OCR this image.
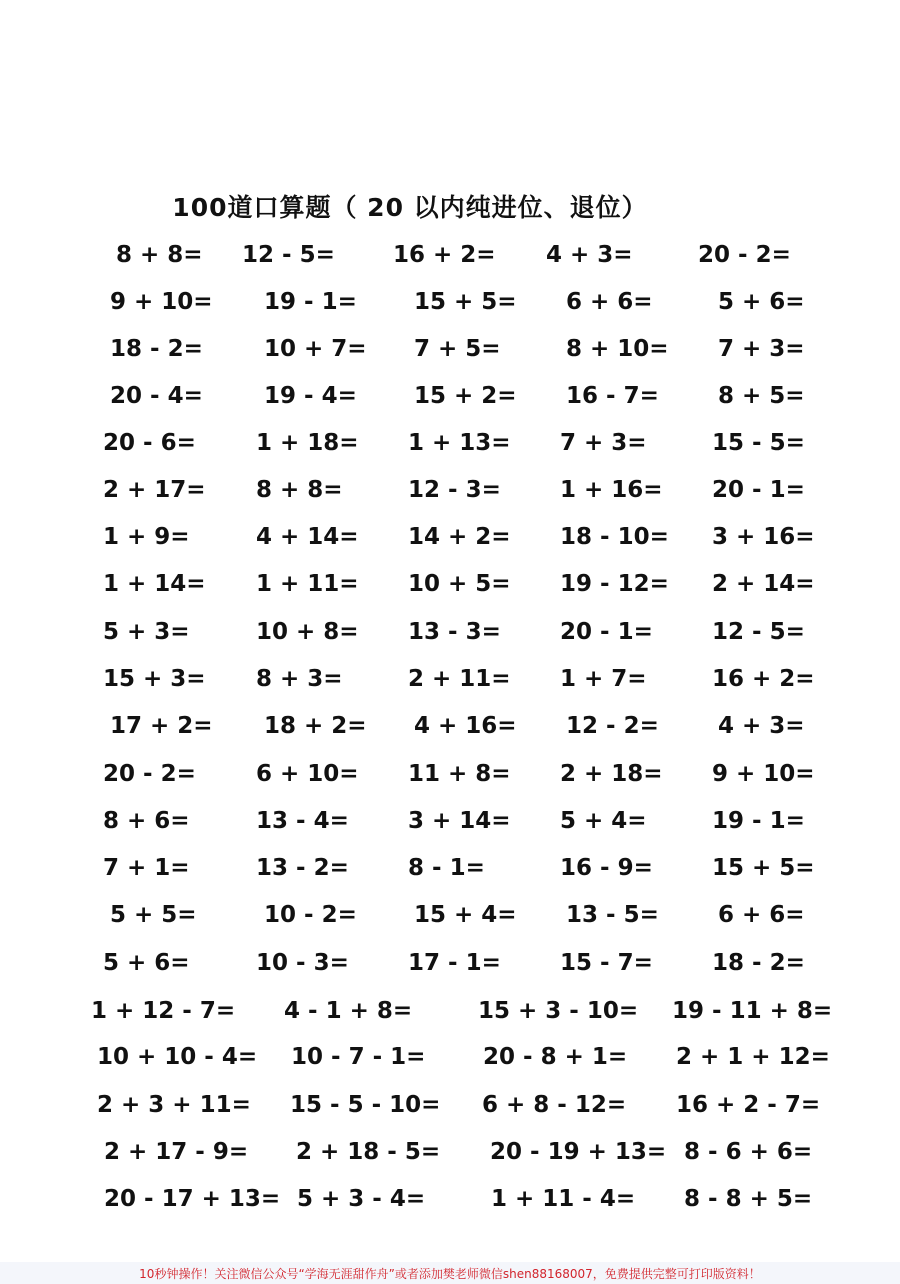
100道口算题（ 20 以内纯进位、退位）
8 + 8= 12 - 5=	16 + 2= 4 + 3=	20 - 2=
9 + 10= 19 - 1= 15 + 5= 6 + 6=	5 + 6=
18 - 2=	10 + 7= 7 + 5=	8 + 10= 7 + 3=
20 - 4=	19 - 4= 15 + 2= 16 - 7=	8 + 5=
20 - 6=	1 + 18= 1 + 13= 7 + 3=	15 - 5=
2 + 17= 8 + 8=	12 - 3=	1 + 16= 20 - 1=
1 + 9=	4 + 14= 14 + 2= 18 - 10= 3 + 16=
1 + 14= 1 + 11= 10 + 5= 19 - 12= 2 + 14=
5 + 3=	10 + 8= 13 - 3=	20 - 1=	12 - 5=
15 + 3= 8 + 3=	2 + 11= 1 + 7=	16 + 2=
17 + 2= 18 + 2= 4 + 16= 12 - 2=	4 + 3=
20 - 2=	6 + 10= 11 + 8= 2 + 18= 9 + 10=
8 + 6=	13 - 4=	3 + 14= 5 + 4=	19 - 1=
7 + 1=	13 - 2=	8 - 1=	16 - 9=	15 + 5=
5 + 5=	10 - 2= 15 + 4= 13 - 5=	6 + 6=
5 + 6=	10 - 3=	17 - 1=	15 - 7=	18 - 2=
1 + 12 - 7= 4 - 1 + 8=	15 + 3 - 10= 19 - 11 + 8=
10 + 10 - 4= 10 - 7 - 1=	20 - 8 + 1= 2 + 1 + 12=
2 + 3 + 11= 15 - 5 - 10= 6 + 8 - 12= 16 + 2 - 7=
2 + 17 - 9= 2 + 18 - 5= 20 - 19 + 13= 8 - 6 + 6=
20 - 17 + 13= 5 + 3 - 4=	1 + 11 - 4= 8 - 8 + 5=
10秒钟操作！关注微信公众号“学海无涯甜作舟”或者添加樊老师微信shen88168007，免费提供完整可打印版资料！
